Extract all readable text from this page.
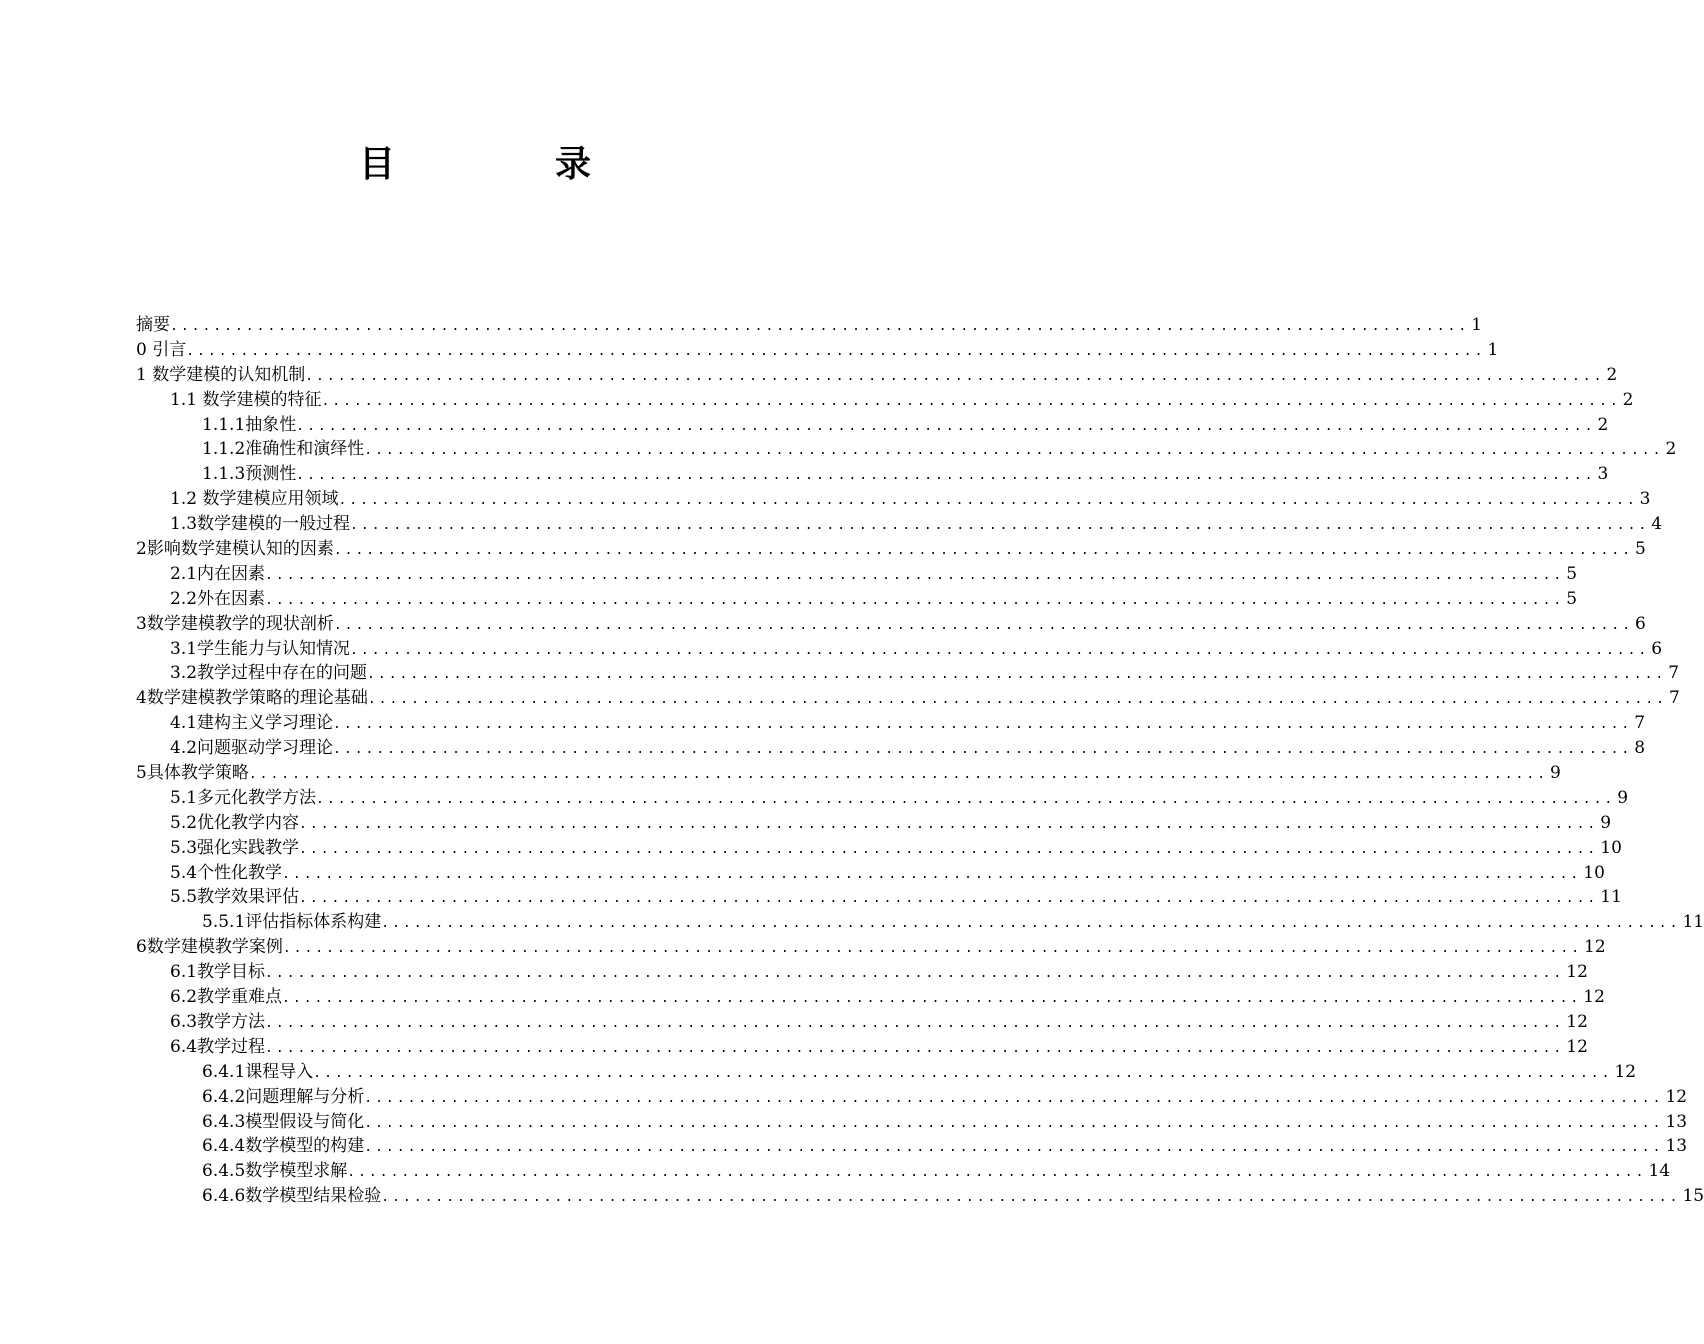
目　录
摘要 ........................................................................................................................ 1
0 引言 ........................................................................................................................ 1
1 数学建模的认知机制 ........................................................................................................................ 2
1.1 数学建模的特征 ........................................................................................................................ 2
1.1.1抽象性 ........................................................................................................................ 2
1.1.2准确性和演绎性 ........................................................................................................................ 2
1.1.3预测性 ........................................................................................................................ 3
1.2 数学建模应用领域 ........................................................................................................................ 3
1.3数学建模的一般过程 ........................................................................................................................ 4
2影响数学建模认知的因素 ........................................................................................................................ 5
2.1内在因素 ........................................................................................................................ 5
2.2外在因素 ........................................................................................................................ 5
3数学建模教学的现状剖析 ........................................................................................................................ 6
3.1学生能力与认知情况 ........................................................................................................................ 6
3.2教学过程中存在的问题 ........................................................................................................................ 7
4数学建模教学策略的理论基础 ........................................................................................................................ 7
4.1建构主义学习理论 ........................................................................................................................ 7
4.2问题驱动学习理论 ........................................................................................................................ 8
5具体教学策略 ........................................................................................................................ 9
5.1多元化教学方法 ........................................................................................................................ 9
5.2优化教学内容 ........................................................................................................................ 9
5.3强化实践教学 ........................................................................................................................ 10
5.4个性化教学 ........................................................................................................................ 10
5.5教学效果评估 ........................................................................................................................ 11
5.5.1评估指标体系构建 ........................................................................................................................ 11
6数学建模教学案例 ........................................................................................................................ 12
6.1教学目标 ........................................................................................................................ 12
6.2教学重难点 ........................................................................................................................ 12
6.3教学方法 ........................................................................................................................ 12
6.4教学过程 ........................................................................................................................ 12
6.4.1课程导入 ........................................................................................................................ 12
6.4.2问题理解与分析 ........................................................................................................................ 12
6.4.3模型假设与简化 ........................................................................................................................ 13
6.4.4数学模型的构建 ........................................................................................................................ 13
6.4.5数学模型求解 ........................................................................................................................ 14
6.4.6数学模型结果检验 ........................................................................................................................ 15
